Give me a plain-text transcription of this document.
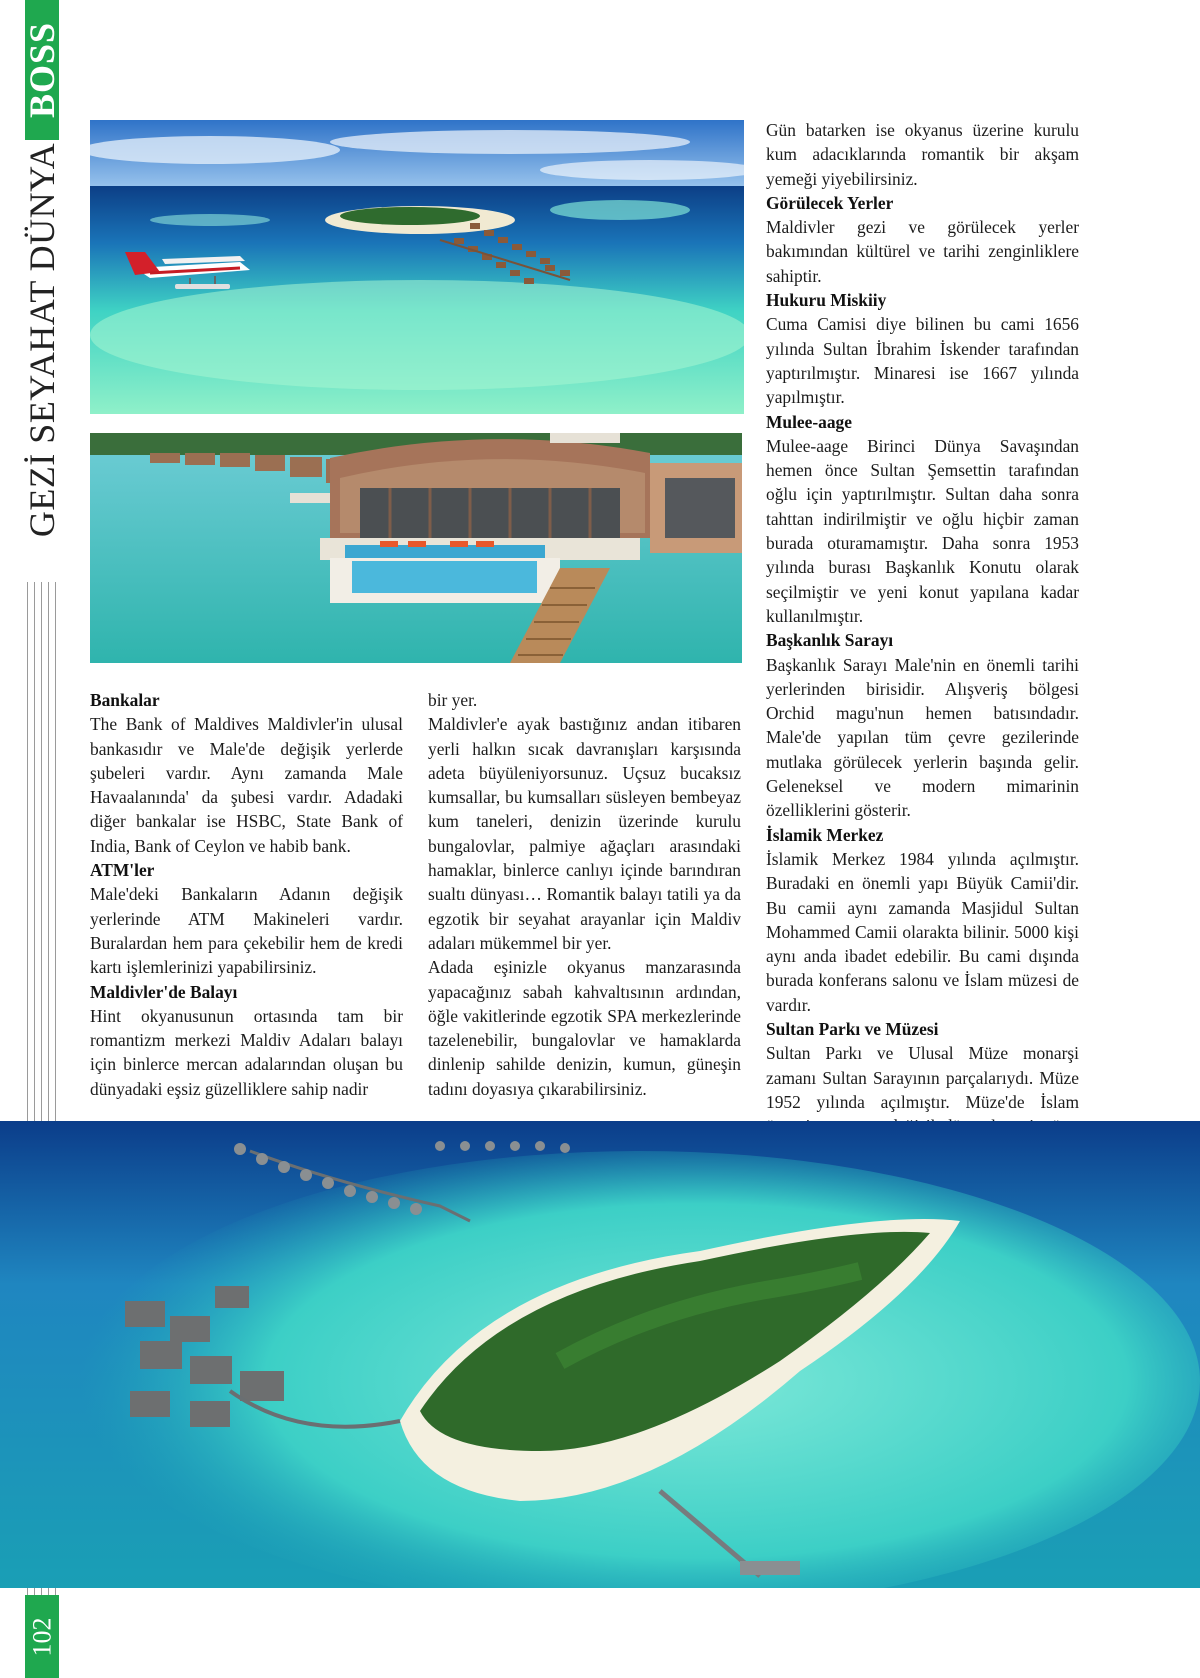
BOSS
GEZİ SEYAHAT DÜNYA
102
Bankalar

The Bank of Maldives Maldivler'in ulusal bankasıdır ve Male'de değişik yerlerde şubeleri vardır. Aynı zamanda Male Havaalanında' da şubesi vardır. Adadaki diğer bankalar ise HSBC, State Bank of India, Bank of Ceylon ve habib bank.

ATM'ler

Male'deki Bankaların Adanın değişik yerlerinde ATM Makineleri vardır. Buralardan hem para çekebilir hem de kredi kartı işlemlerinizi yapabilirsiniz.

Maldivler'de Balayı

Hint okyanusunun ortasında tam bir romantizm merkezi Maldiv Adaları balayı için binlerce mercan adalarından oluşan bu dünyadaki eşsiz güzelliklere sahip nadir

bir yer.

Maldivler'e ayak bastığınız andan itibaren yerli halkın sıcak davranışları karşısında adeta büyüleniyorsunuz. Uçsuz bucaksız kumsallar, bu kumsalları süsleyen bembeyaz kum taneleri, denizin üzerinde kurulu bungalovlar, palmiye ağaçları arasındaki hamaklar, binlerce canlıyı içinde barındıran sualtı dünyası… Romantik balayı tatili ya da egzotik bir seyahat arayanlar için Maldiv adaları mükemmel bir yer.

Adada eşinizle okyanus manzarasında yapacağınız sabah kahvaltısının ardından, öğle vakitlerinde egzotik SPA merkezlerinde tazelenebilir, bungalovlar ve hamaklarda dinlenip sahilde denizin, kumun, güneşin tadını doyasıya çıkarabilirsiniz.

Gün batarken ise okyanus üzerine kurulu kum adacıklarında romantik bir akşam yemeği yiyebilirsiniz.

Görülecek Yerler

Maldivler gezi ve görülecek yerler bakımından kültürel ve tarihi zenginliklere sahiptir.

Hukuru Miskiiy

Cuma Camisi diye bilinen bu cami 1656 yılında Sultan İbrahim İskender tarafından yaptırılmıştır. Minaresi ise 1667 yılında yapılmıştır.

Mulee-aage

Mulee-aage Birinci Dünya Savaşından hemen önce Sultan Şemsettin tarafından oğlu için yaptırılmıştır. Sultan daha sonra tahttan indirilmiştir ve oğlu hiçbir zaman burada oturamamıştır. Daha sonra 1953 yılında burası Başkanlık Konutu olarak seçilmiştir ve yeni konut yapılana kadar kullanılmıştır.

Başkanlık Sarayı

Başkanlık Sarayı Male'nin en önemli tarihi yerlerinden birisidir. Alışveriş bölgesi Orchid magu'nun hemen batısındadır. Male'de yapılan tüm çevre gezilerinde mutlaka görülecek yerlerin başında gelir. Geleneksel ve modern mimarinin özelliklerini gösterir.

İslamik Merkez

İslamik Merkez 1984 yılında açılmıştır. Buradaki en önemli yapı Büyük Camii'dir. Bu camii aynı zamanda Masjidul Sultan Mohammed Camii olarakta bilinir. 5000 kişi aynı anda ibadet edebilir. Bu cami dışında burada konferans salonu ve İslam müzesi de vardır.

Sultan Parkı ve Müzesi

Sultan Parkı ve Ulusal Müze monarşi zamanı Sultan Sarayının parçalarıydı. Müze 1952 yılında açılmıştır. Müze'de İslam
